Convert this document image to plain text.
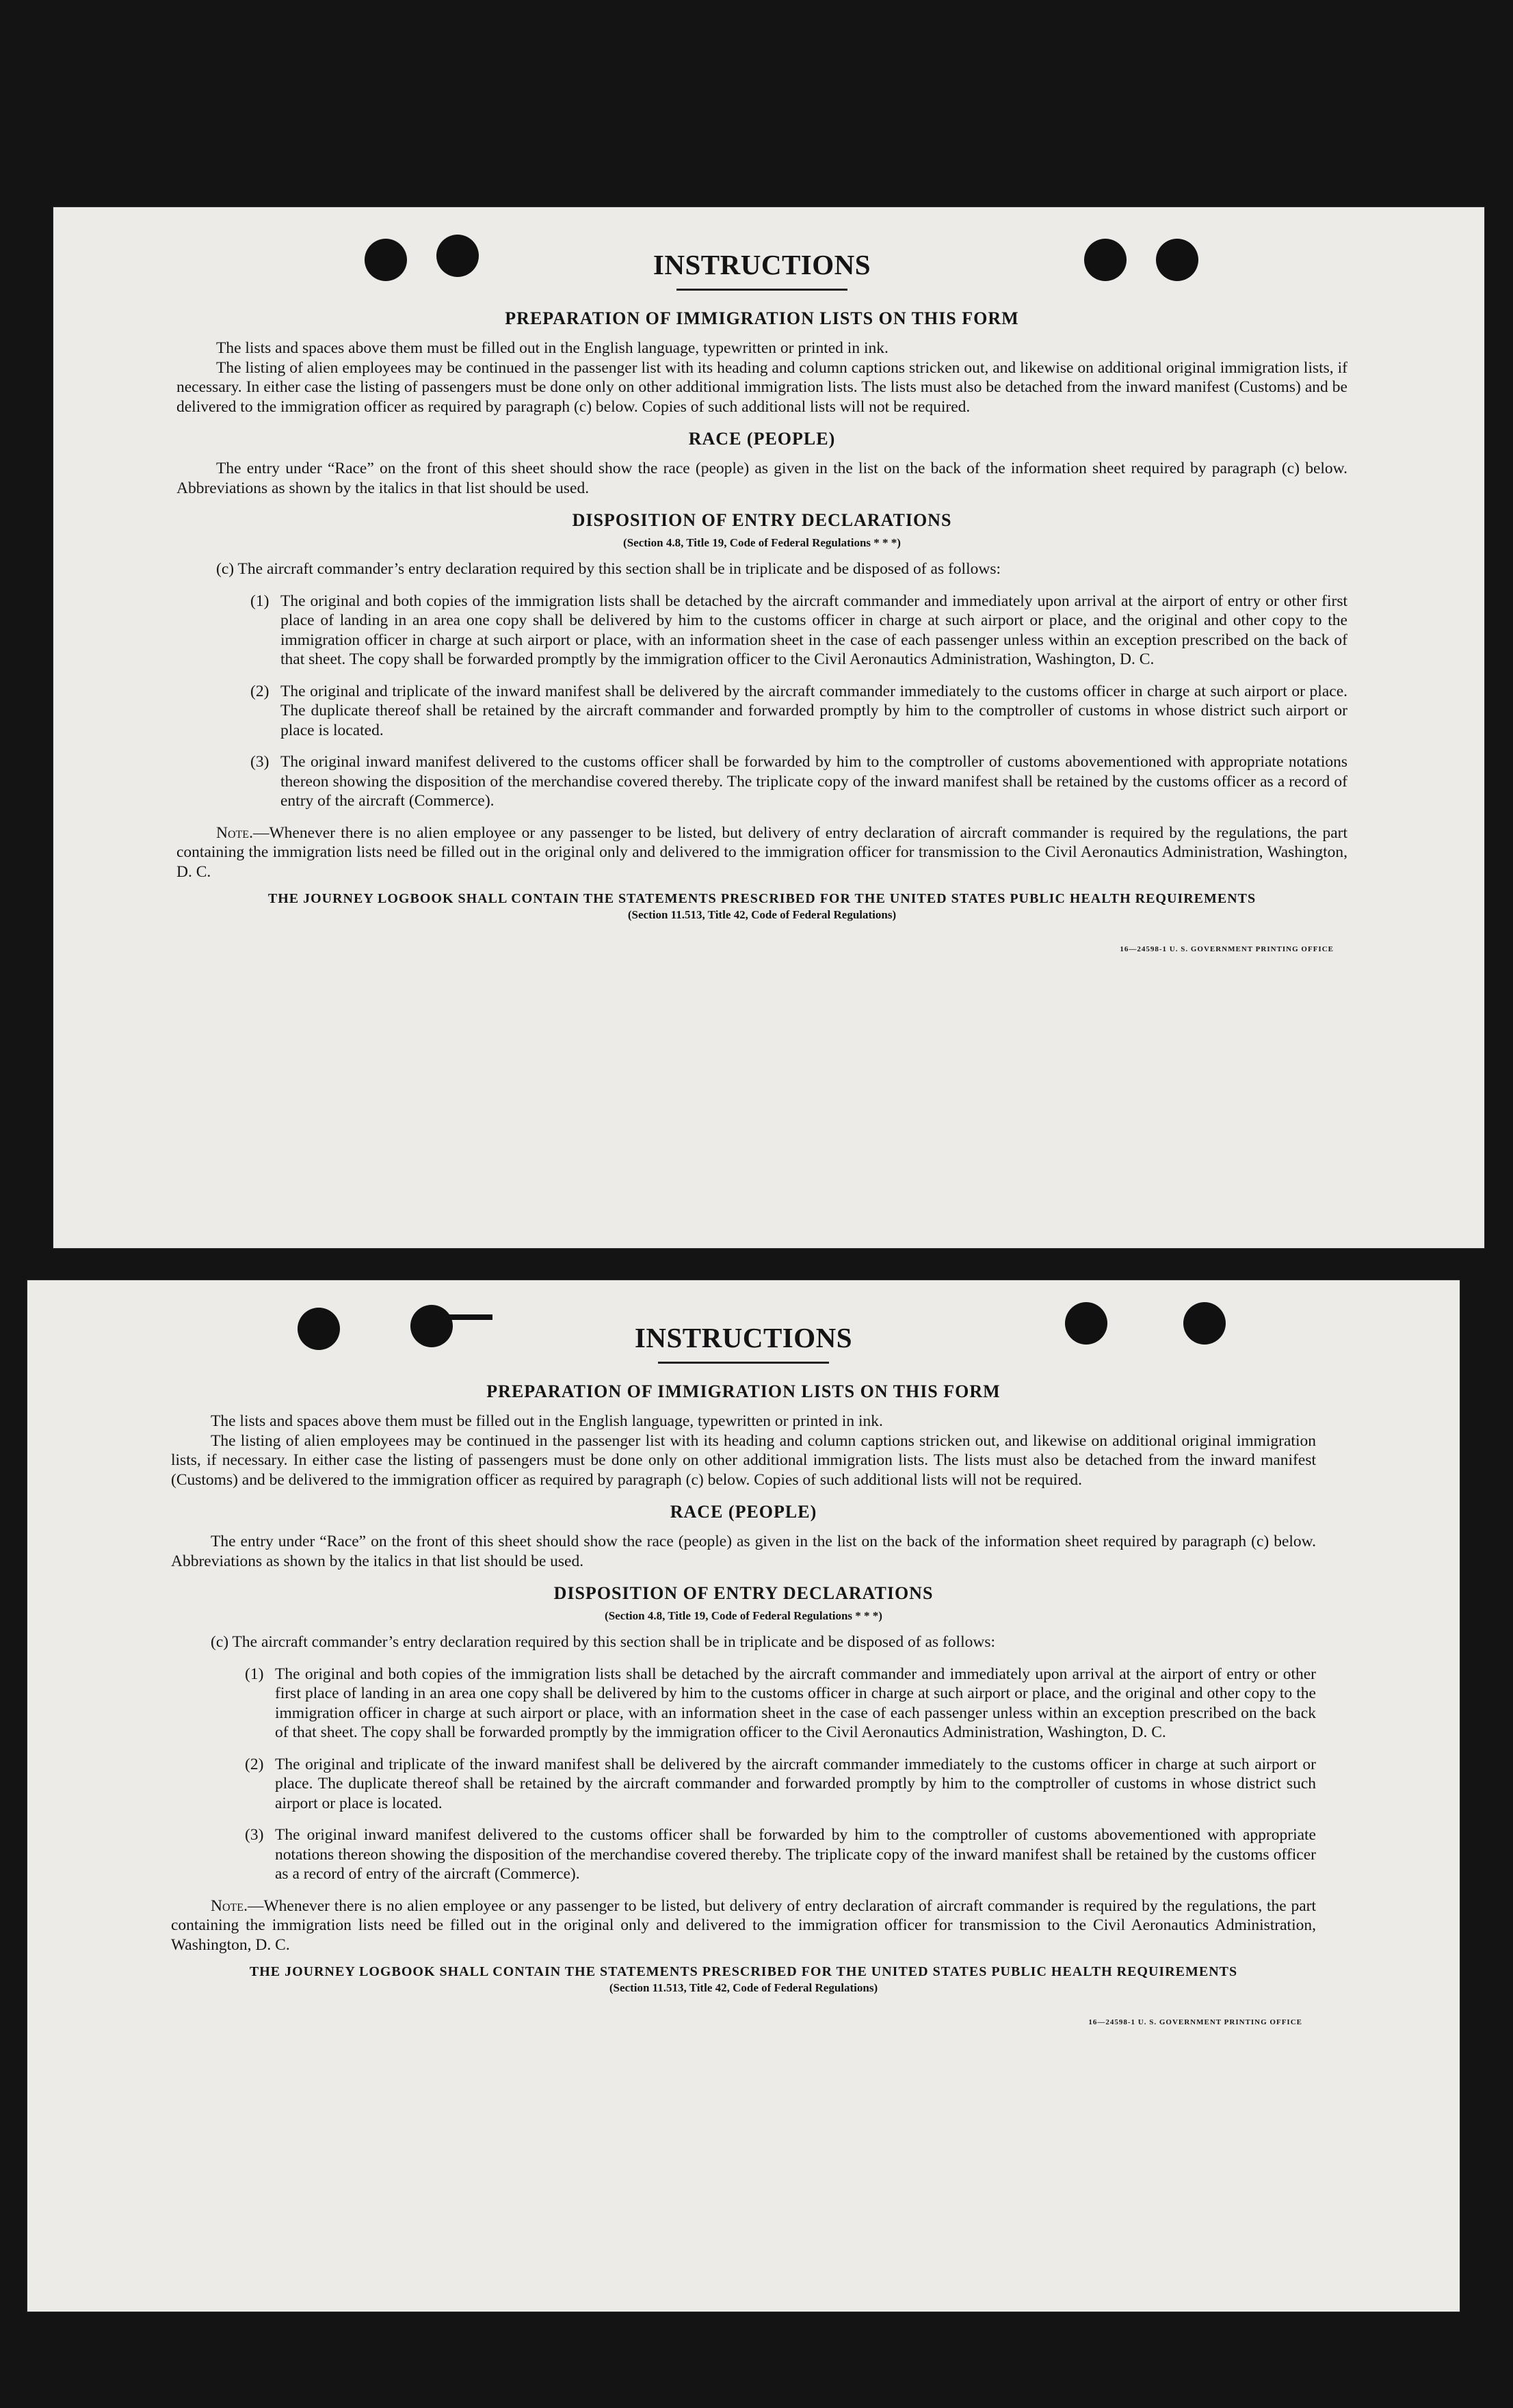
INSTRUCTIONS
PREPARATION OF IMMIGRATION LISTS ON THIS FORM

The lists and spaces above them must be filled out in the English language, typewritten or printed in ink.

The listing of alien employees may be continued in the passenger list with its heading and column captions stricken out, and likewise on additional original immigration lists, if necessary. In either case the listing of passengers must be done only on other additional immigration lists. The lists must also be detached from the inward manifest (Customs) and be delivered to the immigration officer as required by paragraph (c) below. Copies of such additional lists will not be required.

RACE (PEOPLE)

The entry under “Race” on the front of this sheet should show the race (people) as given in the list on the back of the information sheet required by paragraph (c) below. Abbreviations as shown by the italics in that list should be used.

DISPOSITION OF ENTRY DECLARATIONS
(Section 4.8, Title 19, Code of Federal Regulations * * *)
(c) The aircraft commander’s entry declaration required by this section shall be in triplicate and be disposed of as follows:
(1) The original and both copies of the immigration lists shall be detached by the aircraft commander and immediately upon arrival at the airport of entry or other first place of landing in an area one copy shall be delivered by him to the customs officer in charge at such airport or place, and the original and other copy to the immigration officer in charge at such airport or place, with an information sheet in the case of each passenger unless within an exception prescribed on the back of that sheet. The copy shall be forwarded promptly by the immigration officer to the Civil Aeronautics Administration, Washington, D. C.
(2) The original and triplicate of the inward manifest shall be delivered by the aircraft commander immediately to the customs officer in charge at such airport or place. The duplicate thereof shall be retained by the aircraft commander and forwarded promptly by him to the comptroller of customs in whose district such airport or place is located.
(3) The original inward manifest delivered to the customs officer shall be forwarded by him to the comptroller of customs abovementioned with appropriate notations thereon showing the disposition of the merchandise covered thereby. The triplicate copy of the inward manifest shall be retained by the customs officer as a record of entry of the aircraft (Commerce).

Note.—Whenever there is no alien employee or any passenger to be listed, but delivery of entry declaration of aircraft commander is required by the regulations, the part containing the immigration lists need be filled out in the original only and delivered to the immigration officer for transmission to the Civil Aeronautics Administration, Washington, D. C.

THE JOURNEY LOGBOOK SHALL CONTAIN THE STATEMENTS PRESCRIBED FOR THE UNITED STATES PUBLIC HEALTH REQUIREMENTS
(Section 11.513, Title 42, Code of Federal Regulations)
16—24598-1 U. S. GOVERNMENT PRINTING OFFICE
INSTRUCTIONS
PREPARATION OF IMMIGRATION LISTS ON THIS FORM

The lists and spaces above them must be filled out in the English language, typewritten or printed in ink.

The listing of alien employees may be continued in the passenger list with its heading and column captions stricken out, and likewise on additional original immigration lists, if necessary. In either case the listing of passengers must be done only on other additional immigration lists. The lists must also be detached from the inward manifest (Customs) and be delivered to the immigration officer as required by paragraph (c) below. Copies of such additional lists will not be required.

RACE (PEOPLE)

The entry under “Race” on the front of this sheet should show the race (people) as given in the list on the back of the information sheet required by paragraph (c) below. Abbreviations as shown by the italics in that list should be used.

DISPOSITION OF ENTRY DECLARATIONS
(Section 4.8, Title 19, Code of Federal Regulations * * *)
(c) The aircraft commander’s entry declaration required by this section shall be in triplicate and be disposed of as follows:
(1) The original and both copies of the immigration lists shall be detached by the aircraft commander and immediately upon arrival at the airport of entry or other first place of landing in an area one copy shall be delivered by him to the customs officer in charge at such airport or place, and the original and other copy to the immigration officer in charge at such airport or place, with an information sheet in the case of each passenger unless within an exception prescribed on the back of that sheet. The copy shall be forwarded promptly by the immigration officer to the Civil Aeronautics Administration, Washington, D. C.
(2) The original and triplicate of the inward manifest shall be delivered by the aircraft commander immediately to the customs officer in charge at such airport or place. The duplicate thereof shall be retained by the aircraft commander and forwarded promptly by him to the comptroller of customs in whose district such airport or place is located.
(3) The original inward manifest delivered to the customs officer shall be forwarded by him to the comptroller of customs abovementioned with appropriate notations thereon showing the disposition of the merchandise covered thereby. The triplicate copy of the inward manifest shall be retained by the customs officer as a record of entry of the aircraft (Commerce).

Note.—Whenever there is no alien employee or any passenger to be listed, but delivery of entry declaration of aircraft commander is required by the regulations, the part containing the immigration lists need be filled out in the original only and delivered to the immigration officer for transmission to the Civil Aeronautics Administration, Washington, D. C.

THE JOURNEY LOGBOOK SHALL CONTAIN THE STATEMENTS PRESCRIBED FOR THE UNITED STATES PUBLIC HEALTH REQUIREMENTS
(Section 11.513, Title 42, Code of Federal Regulations)
16—24598-1 U. S. GOVERNMENT PRINTING OFFICE
